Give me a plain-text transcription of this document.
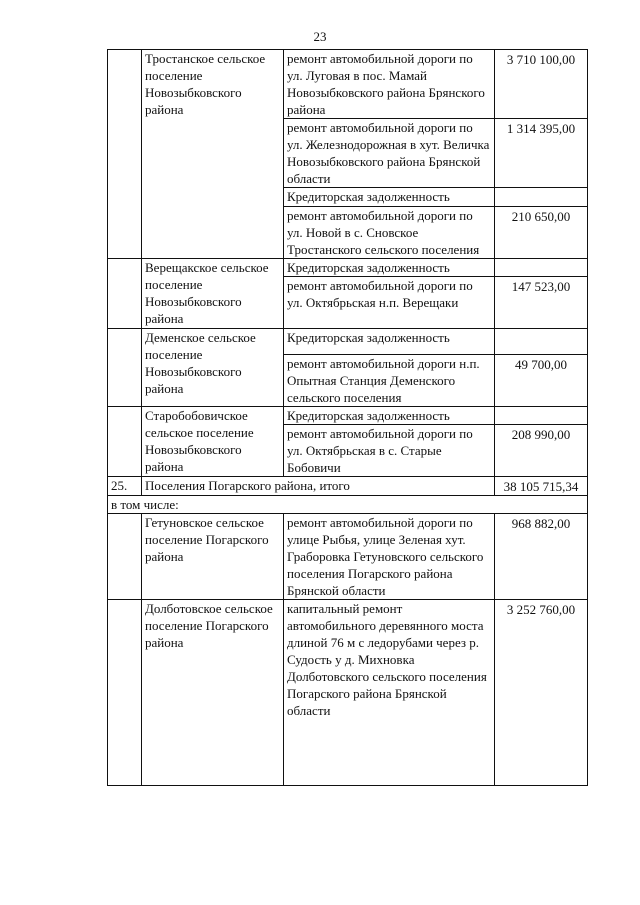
23
	Тростанское сельское поселение Новозыбковского района	ремонт автомобильной дороги по ул. Луговая в пос. Мамай Новозыбковского района Брянского района	3 710 100,00
		ремонт автомобильной дороги по ул. Железнодорожная в хут. Величка Новозыбковского района Брянской области	1 314 395,00
		Кредиторская задолженность	
		ремонт автомобильной дороги по ул. Новой в с. Сновское Тростанского сельского поселения	210 650,00
	Верещакское сельское поселение Новозыбковского района	Кредиторская задолженность	
		ремонт автомобильной дороги по ул. Октябрьская н.п. Верещаки	147 523,00
	Деменское сельское поселение Новозыбковского района	Кредиторская задолженность	
		ремонт автомобильной дороги н.п. Опытная Станция Деменского сельского поселения	49 700,00
	Старобобовичское сельское поселение Новозыбковского района	Кредиторская задолженность	
		ремонт автомобильной дороги по ул. Октябрьская в с. Старые Бобовичи	208 990,00
25.	Поселения Погарского района, итого		38 105 715,34
в том числе:			
	Гетуновское сельское поселение Погарского района	ремонт автомобильной дороги по улице Рыбья, улице Зеленая хут. Граборовка Гетуновского сельского поселения Погарского района Брянской области	968 882,00
	Долботовское сельское поселение Погарского района	капитальный ремонт автомобильного деревянного моста длиной 76 м с ледорубами через р. Судость у д. Михновка Долботовского сельского поселения Погарского района Брянской области	3 252 760,00
